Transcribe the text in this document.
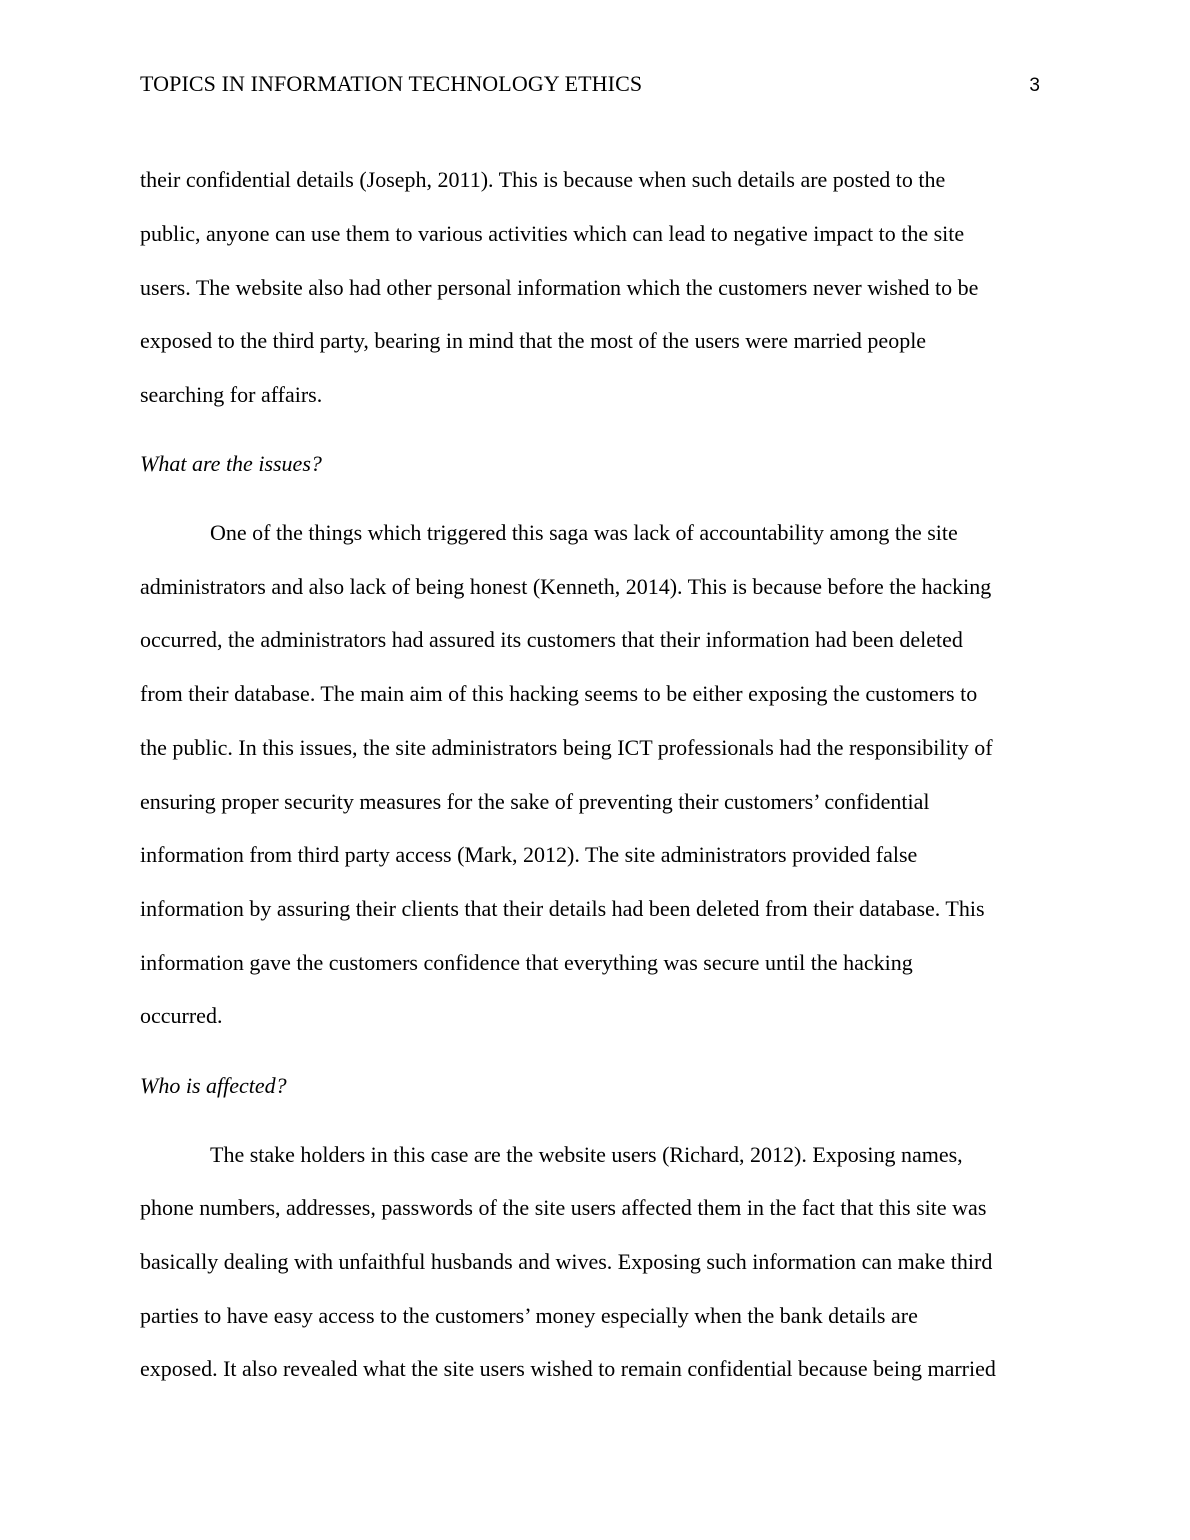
TOPICS IN INFORMATION TECHNOLOGY ETHICS	3
their confidential details (Joseph, 2011). This is because when such details are posted to the
public, anyone can use them to various activities which can lead to negative impact to the site
users. The website also had other personal information which the customers never wished to be
exposed to the third party, bearing in mind that the most of the users were married people
searching for affairs.
What are the issues?
One of the things which triggered this saga was lack of accountability among the site
administrators and also lack of being honest (Kenneth, 2014). This is because before the hacking
occurred, the administrators had assured its customers that their information had been deleted
from their database. The main aim of this hacking seems to be either exposing the customers to
the public. In this issues, the site administrators being ICT professionals had the responsibility of
ensuring proper security measures for the sake of preventing their customers’ confidential
information from third party access (Mark, 2012). The site administrators provided false
information by assuring their clients that their details had been deleted from their database. This
information gave the customers confidence that everything was secure until the hacking
occurred.
Who is affected?
The stake holders in this case are the website users (Richard, 2012). Exposing names,
phone numbers, addresses, passwords of the site users affected them in the fact that this site was
basically dealing with unfaithful husbands and wives. Exposing such information can make third
parties to have easy access to the customers’ money especially when the bank details are
exposed. It also revealed what the site users wished to remain confidential because being married
